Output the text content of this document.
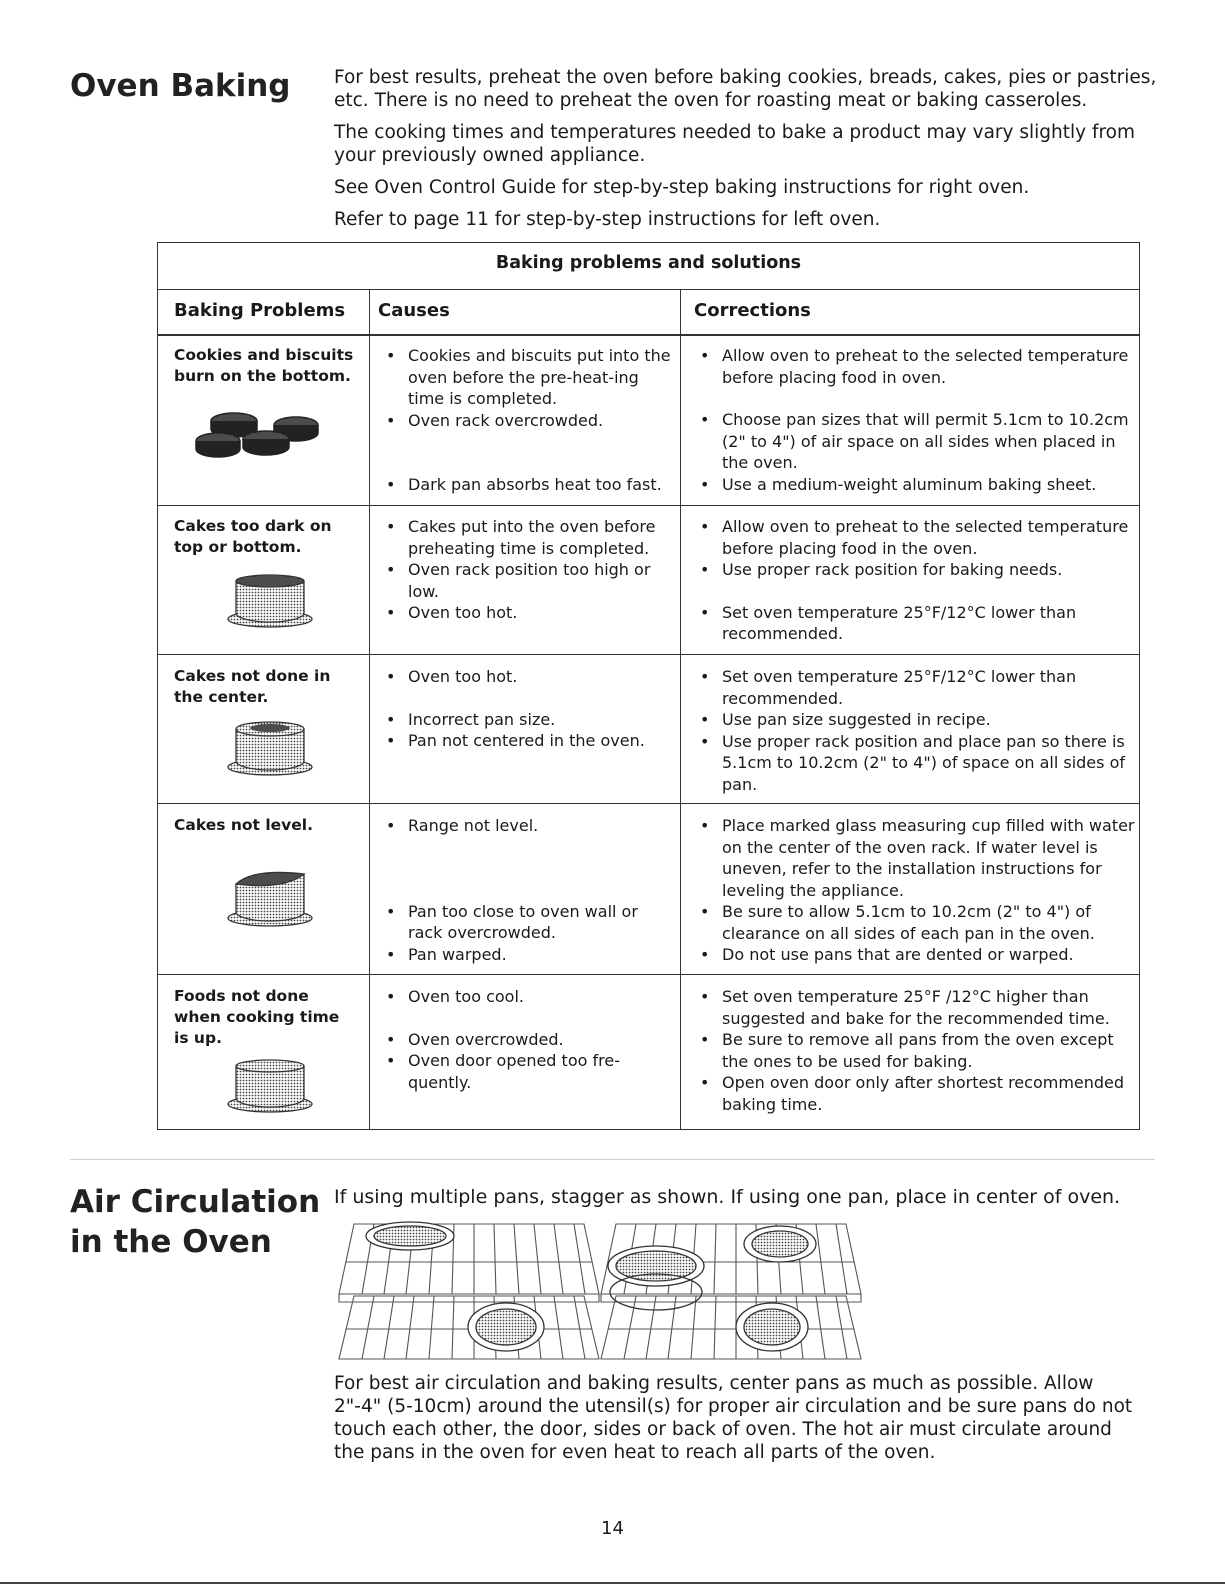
Oven Baking For best results, preheat the oven before baking cookies, breads, cakes, pies or pastries, etc. There is no need to preheat the oven for roasting meat or baking casseroles.

The cooking times and temperatures needed to bake a product may vary slightly from your previously owned appliance.

See Oven Control Guide for step-by-step baking instructions for right oven.

Refer to page 11 for step-by-step instructions for left oven.

Baking problems and solutions
Baking Problems Causes	Corrections
Cookies and biscuits burn on the bottom.
• Cookies and biscuits put into the oven before the pre-heat-ing time is completed.
• Oven rack overcrowded.
• Dark pan absorbs heat too fast.
• Allow oven to preheat to the selected temperature before placing food in oven.
• Choose pan sizes that will permit 5.1cm to 10.2cm (2" to 4") of air space on all sides when placed in the oven.
• Use a medium-weight aluminum baking sheet.
Cakes too dark on top or bottom.
• Cakes put into the oven before preheating time is completed.
• Oven rack position too high or low.
• Oven too hot.
• Allow oven to preheat to the selected temperature before placing food in the oven.
• Use proper rack position for baking needs.
• Set oven temperature 25°F/12°C lower than recommended.
Cakes not done in the center.
• Oven too hot.
• Incorrect pan size.
• Pan not centered in the oven.
• Set oven temperature 25°F/12°C lower than recommended.
• Use pan size suggested in recipe.
• Use proper rack position and place pan so there is 5.1cm to 10.2cm (2" to 4") of space on all sides of pan.
Cakes not level.
•	Range not level.
• Pan too close to oven wall or rack overcrowded.
• Pan warped.
• Place marked glass measuring cup filled with water on the center of the oven rack. If water level is uneven, refer to the installation instructions for leveling the appliance.
• Be sure to allow 5.1cm to 10.2cm (2" to 4") of clearance on all sides of each pan in the oven.
• Do not use pans that are dented or warped.
Foods not done when cooking time is up.
• Oven too cool.
• Oven overcrowded.
• Oven door opened too fre-quently.
• Set oven temperature 25°F /12°C higher than suggested and bake for the recommended time.
• Be sure to remove all pans from the oven except the ones to be used for baking.
• Open oven door only after shortest recommended baking time.
Air Circulation
in the Oven
If using multiple pans, stagger as shown. If using one pan, place in center of oven.
For best air circulation and baking results, center pans as much as possible. Allow 2"-4" (5-10cm) around the utensil(s) for proper air circulation and be sure pans do not touch each other, the door, sides or back of oven. The hot air must circulate around the pans in the oven for even heat to reach all parts of the oven.
14
